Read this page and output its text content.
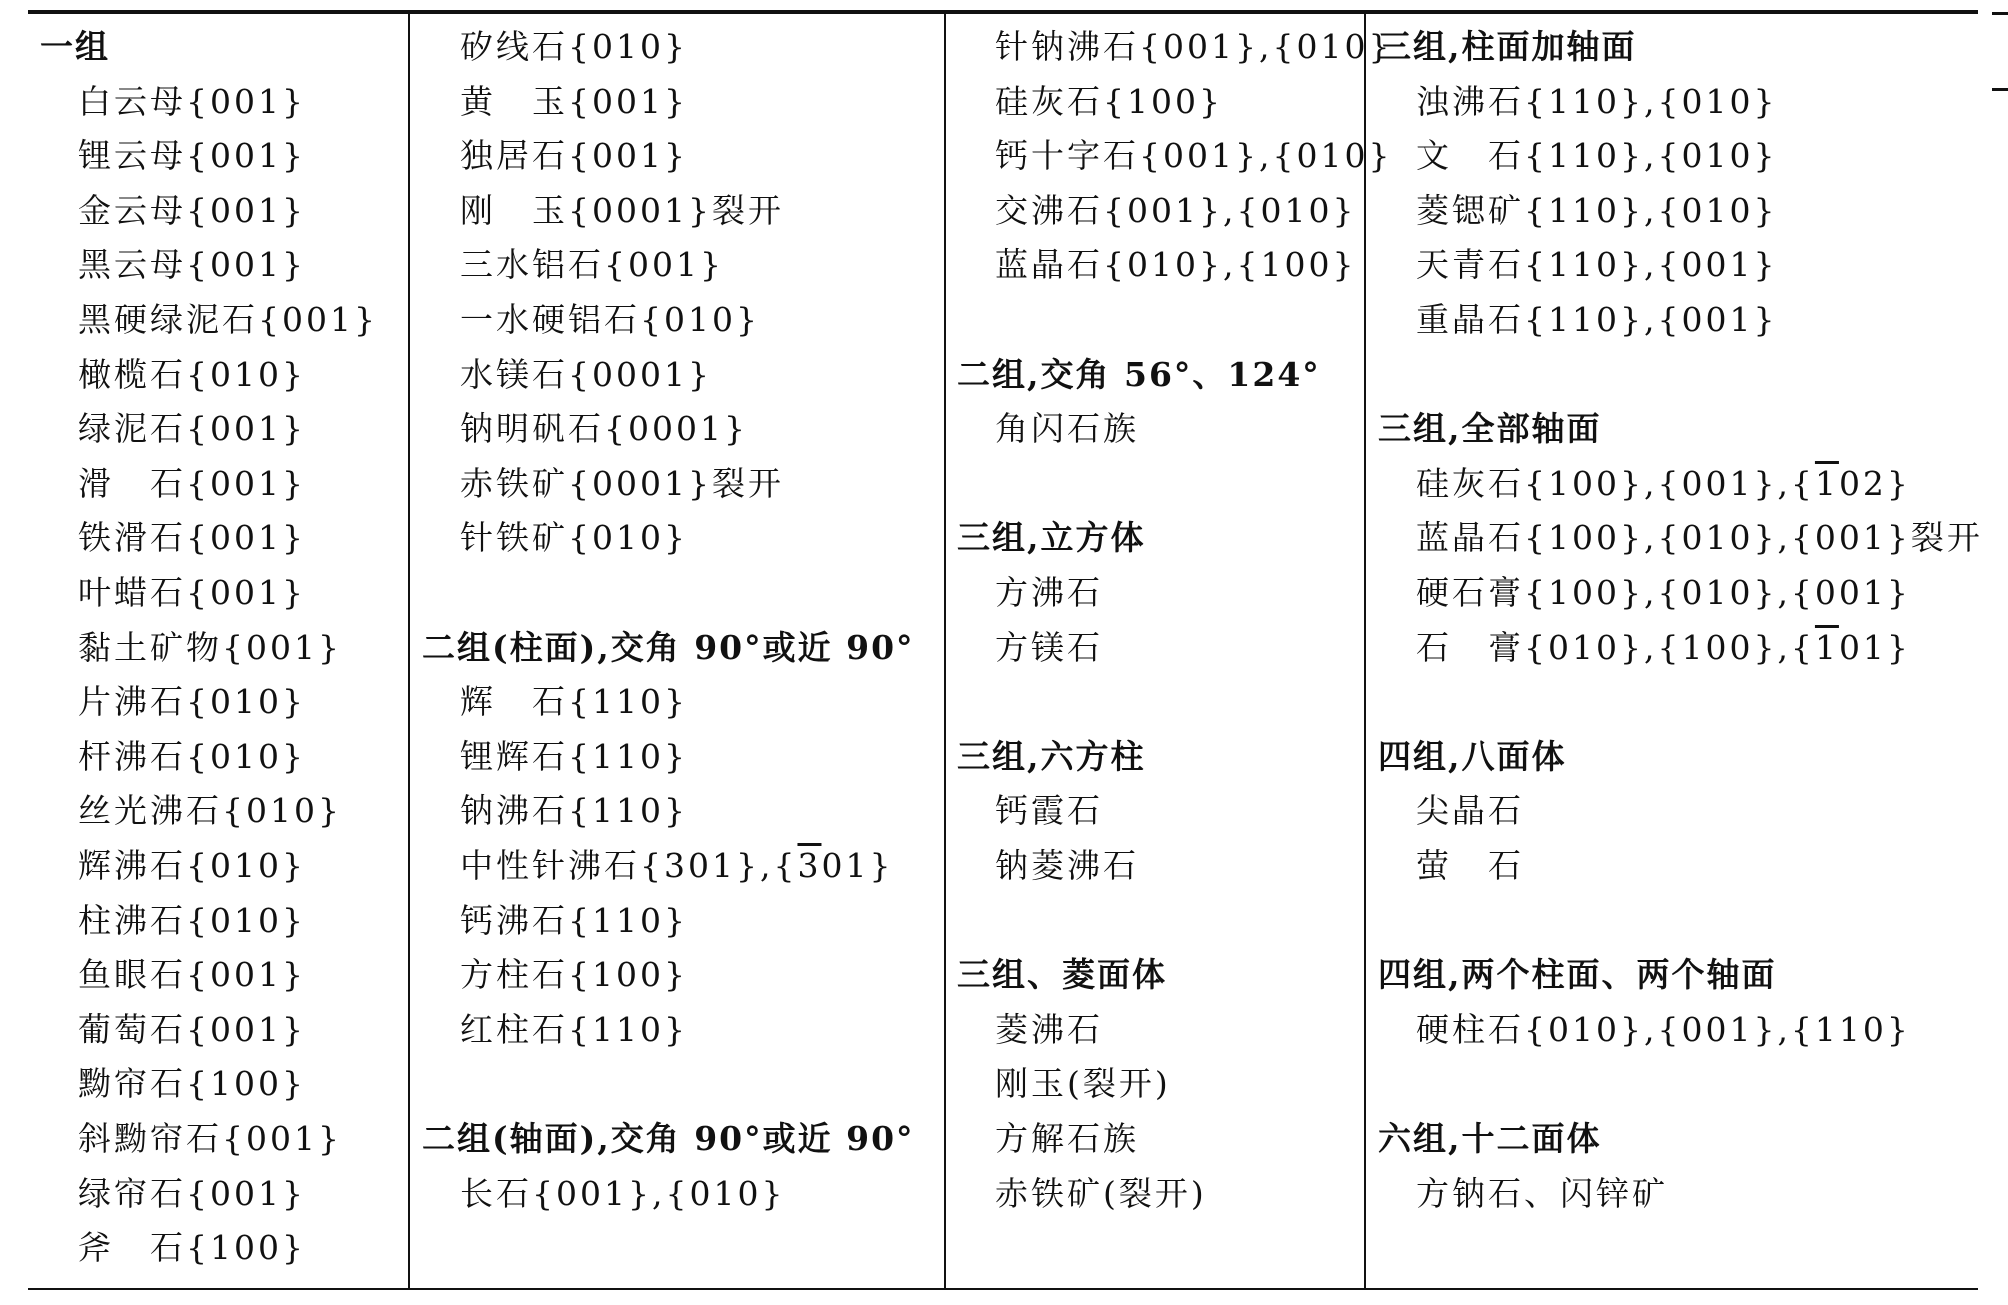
一组
白云母{001}
锂云母{001}
金云母{001}
黑云母{001}
黑硬绿泥石{001}
橄榄石{010}
绿泥石{001}
滑　石{001}
铁滑石{001}
叶蜡石{001}
黏土矿物{001}
片沸石{010}
杆沸石{010}
丝光沸石{010}
辉沸石{010}
柱沸石{010}
鱼眼石{001}
葡萄石{001}
黝帘石{100}
斜黝帘石{001}
绿帘石{001}
斧　石{100}
矽线石{010}
黄　玉{001}
独居石{001}
刚　玉{0001}裂开
三水铝石{001}
一水硬铝石{010}
水镁石{0001}
钠明矾石{0001}
赤铁矿{0001}裂开
针铁矿{010}
二组(柱面),交角 90°或近 90°
辉　石{110}
锂辉石{110}
钠沸石{110}
中性针沸石{301},{301}
钙沸石{110}
方柱石{100}
红柱石{110}
二组(轴面),交角 90°或近 90°
长石{001},{010}
针钠沸石{001},{010}
硅灰石{100}
钙十字石{001},{010}
交沸石{001},{010}
蓝晶石{010},{100}
二组,交角 56°、124°
角闪石族
三组,立方体
方沸石
方镁石
三组,六方柱
钙霞石
钠菱沸石
三组、菱面体
菱沸石
刚玉(裂开)
方解石族
赤铁矿(裂开)
三组,柱面加轴面
浊沸石{110},{010}
文　石{110},{010}
菱锶矿{110},{010}
天青石{110},{001}
重晶石{110},{001}
三组,全部轴面
硅灰石{100},{001},{102}
蓝晶石{100},{010},{001}裂开
硬石膏{100},{010},{001}
石　膏{010},{100},{101}
四组,八面体
尖晶石
萤　石
四组,两个柱面、两个轴面
硬柱石{010},{001},{110}
六组,十二面体
方钠石、闪锌矿
